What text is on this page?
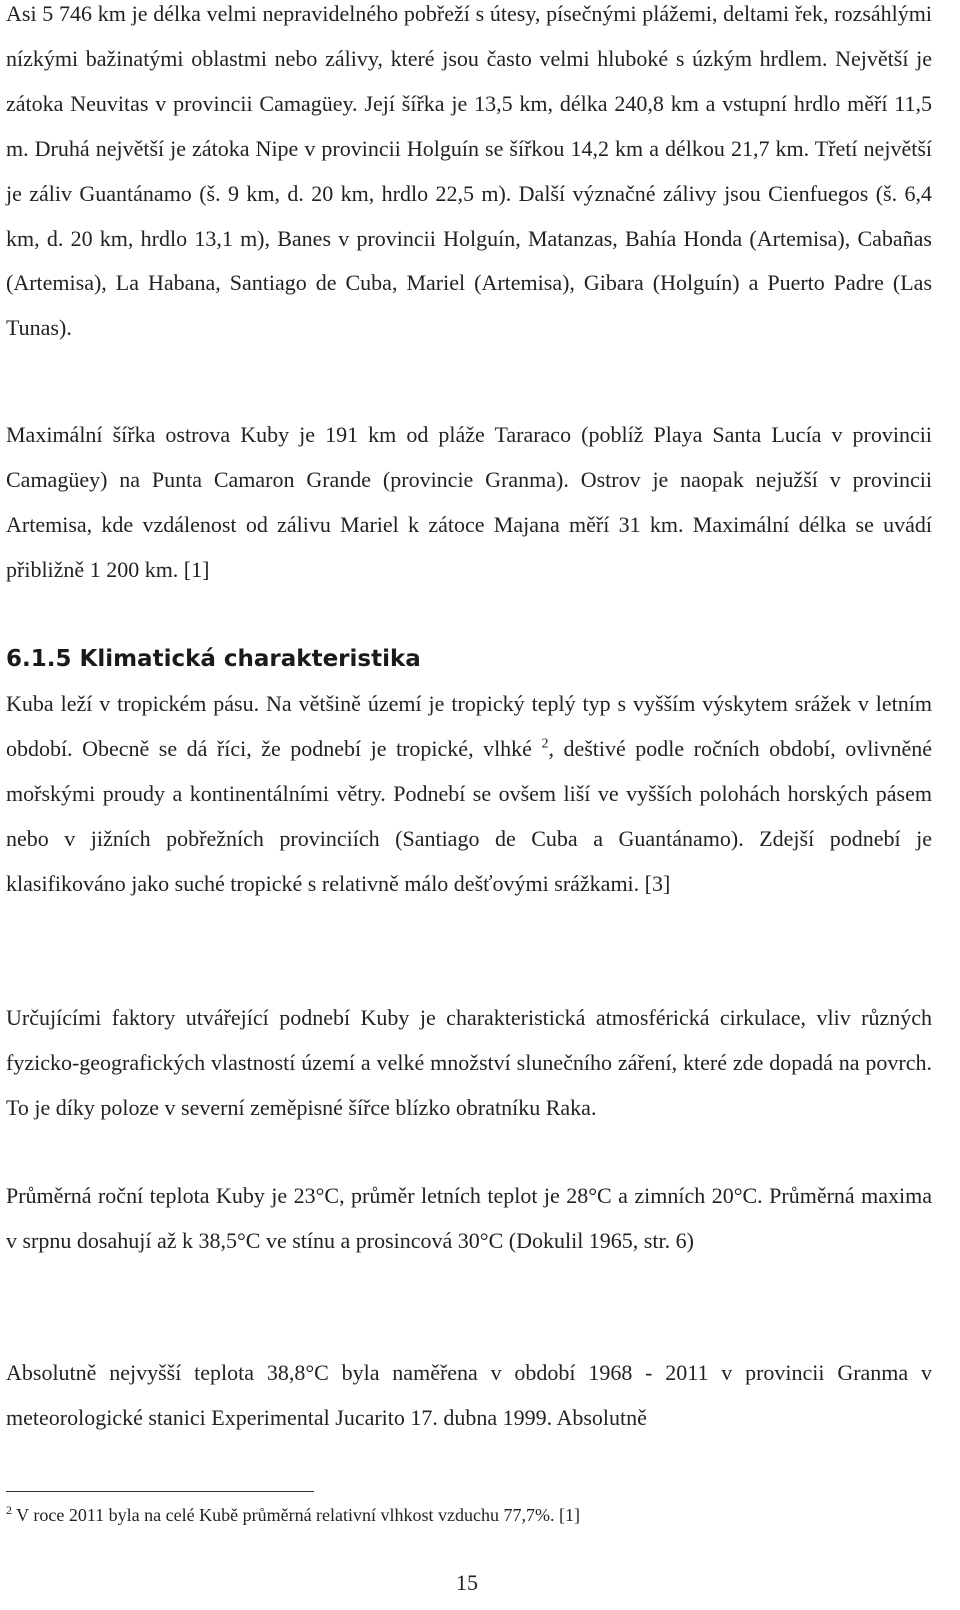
Asi 5 746 km je délka velmi nepravidelného pobřeží s útesy, písečnými plážemi, deltami řek, rozsáhlými nízkými bažinatými oblastmi nebo zálivy, které jsou často velmi hluboké s úzkým hrdlem. Největší je zátoka Neuvitas v provincii Camagüey. Její šířka je 13,5 km, délka 240,8 km a vstupní hrdlo měří 11,5 m. Druhá největší je zátoka Nipe v provincii Holguín se šířkou 14,2 km a délkou 21,7 km. Třetí největší je záliv Guantánamo (š. 9 km, d. 20 km, hrdlo 22,5 m). Další význačné zálivy jsou Cienfuegos (š. 6,4 km, d. 20 km, hrdlo 13,1 m), Banes v provincii Holguín, Matanzas, Bahía Honda (Artemisa), Cabañas (Artemisa), La Habana, Santiago de Cuba, Mariel (Artemisa), Gibara (Holguín) a Puerto Padre (Las Tunas).

Maximální šířka ostrova Kuby je 191 km od pláže Tararaco (poblíž Playa Santa Lucía v provincii Camagüey) na Punta Camaron Grande (provincie Granma). Ostrov je naopak nejužší v provincii Artemisa, kde vzdálenost od zálivu Mariel k zátoce Majana měří 31 km. Maximální délka se uvádí přibližně 1 200 km. [1]

6.1.5 Klimatická charakteristika

Kuba leží v tropickém pásu. Na většině území je tropický teplý typ s vyšším výskytem srážek v letním období. Obecně se dá říci, že podnebí je tropické, vlhké $^2$, deštivé podle ročních období, ovlivněné mořskými proudy a kontinentálními větry. Podnebí se ovšem liší ve vyšších polohách horských pásem nebo v jižních pobřežních provinciích (Santiago de Cuba a Guantánamo). Zdejší podnebí je klasifikováno jako suché tropické s relativně málo dešťovými srážkami. [3]

Určujícími faktory utvářející podnebí Kuby je charakteristická atmosférická cirkulace, vliv různých fyzicko-geografických vlastností území a velké množství slunečního záření, které zde dopadá na povrch. To je díky poloze v severní zeměpisné šířce blízko obratníku Raka.

Průměrná roční teplota Kuby je 23°C, průměr letních teplot je 28°C a zimních 20°C. Průměrná maxima v srpnu dosahují až k 38,5°C ve stínu a prosincová 30°C (Dokulil 1965, str. 6)

Absolutně nejvyšší teplota 38,8°C byla naměřena v období 1968 - 2011 v provincii Granma v meteorologické stanici Experimental Jucarito 17. dubna 1999. Absolutně

$^2$ V roce 2011 byla na celé Kubě průměrná relativní vlhkost vzduchu 77,7%. [1]

15
